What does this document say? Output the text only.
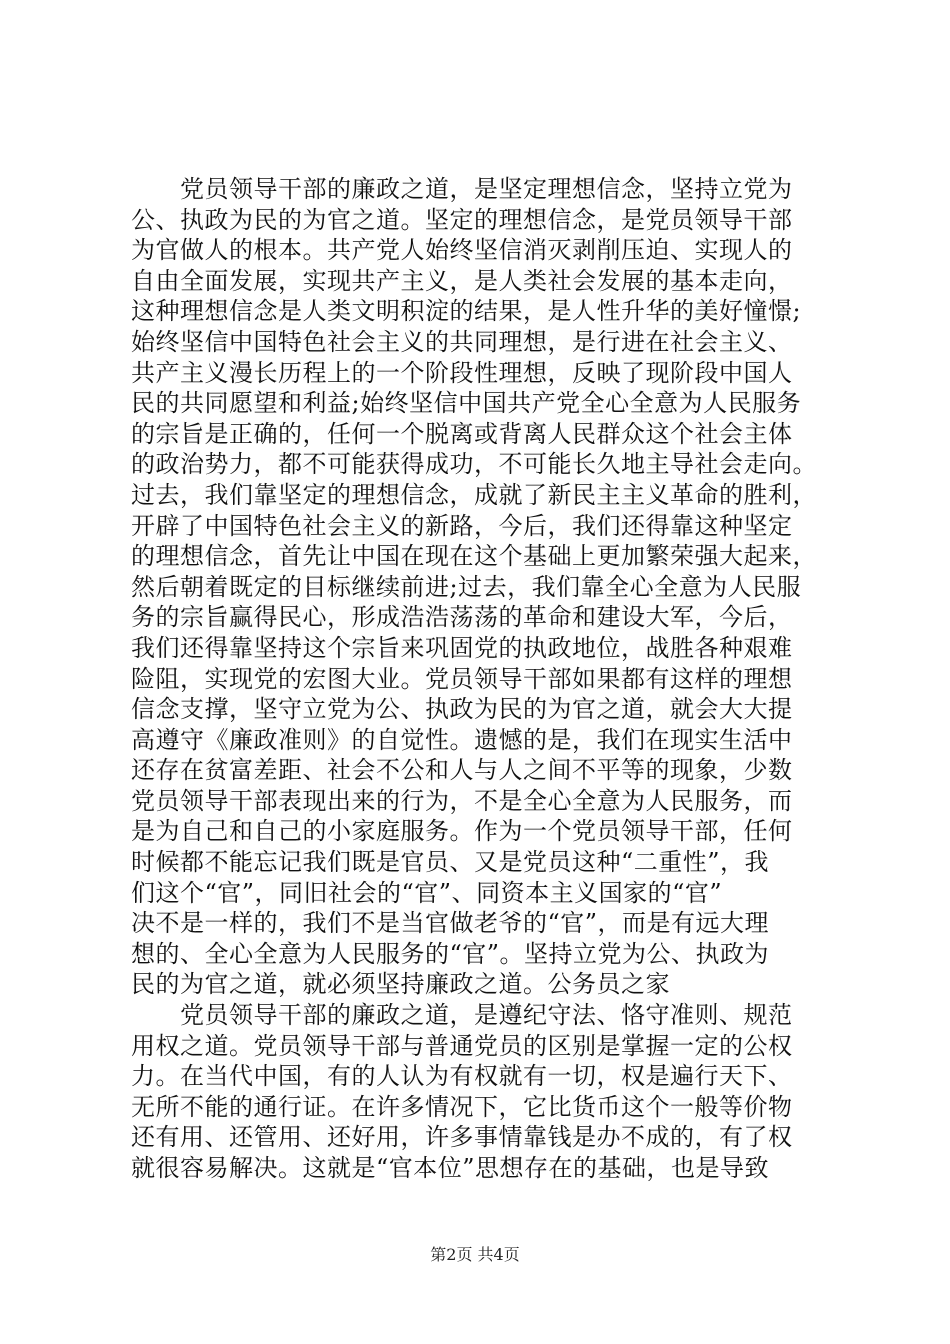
　　党员领导干部的廉政之道，是坚定理想信念，坚持立党为
公、执政为民的为官之道。坚定的理想信念，是党员领导干部
为官做人的根本。共产党人始终坚信消灭剥削压迫、实现人的
自由全面发展，实现共产主义，是人类社会发展的基本走向，
这种理想信念是人类文明积淀的结果，是人性升华的美好憧憬;
始终坚信中国特色社会主义的共同理想，是行进在社会主义、
共产主义漫长历程上的一个阶段性理想，反映了现阶段中国人
民的共同愿望和利益;始终坚信中国共产党全心全意为人民服务
的宗旨是正确的，任何一个脱离或背离人民群众这个社会主体
的政治势力，都不可能获得成功，不可能长久地主导社会走向。
过去，我们靠坚定的理想信念，成就了新民主主义革命的胜利，
开辟了中国特色社会主义的新路，今后，我们还得靠这种坚定
的理想信念，首先让中国在现在这个基础上更加繁荣强大起来，
然后朝着既定的目标继续前进;过去，我们靠全心全意为人民服
务的宗旨赢得民心，形成浩浩荡荡的革命和建设大军，今后，
我们还得靠坚持这个宗旨来巩固党的执政地位，战胜各种艰难
险阻，实现党的宏图大业。党员领导干部如果都有这样的理想
信念支撑，坚守立党为公、执政为民的为官之道，就会大大提
高遵守《廉政准则》的自觉性。遗憾的是，我们在现实生活中
还存在贫富差距、社会不公和人与人之间不平等的现象，少数
党员领导干部表现出来的行为，不是全心全意为人民服务，而
是为自己和自己的小家庭服务。作为一个党员领导干部，任何
时候都不能忘记我们既是官员、又是党员这种“二重性”，我
们这个“官”，同旧社会的“官”、同资本主义国家的“官”
决不是一样的，我们不是当官做老爷的“官”，而是有远大理
想的、全心全意为人民服务的“官”。坚持立党为公、执政为
民的为官之道，就必须坚持廉政之道。公务员之家
　　党员领导干部的廉政之道，是遵纪守法、恪守准则、规范
用权之道。党员领导干部与普通党员的区别是掌握一定的公权
力。在当代中国，有的人认为有权就有一切，权是遍行天下、
无所不能的通行证。在许多情况下，它比货币这个一般等价物
还有用、还管用、还好用，许多事情靠钱是办不成的，有了权
就很容易解决。这就是“官本位”思想存在的基础，也是导致
第2页 共4页
